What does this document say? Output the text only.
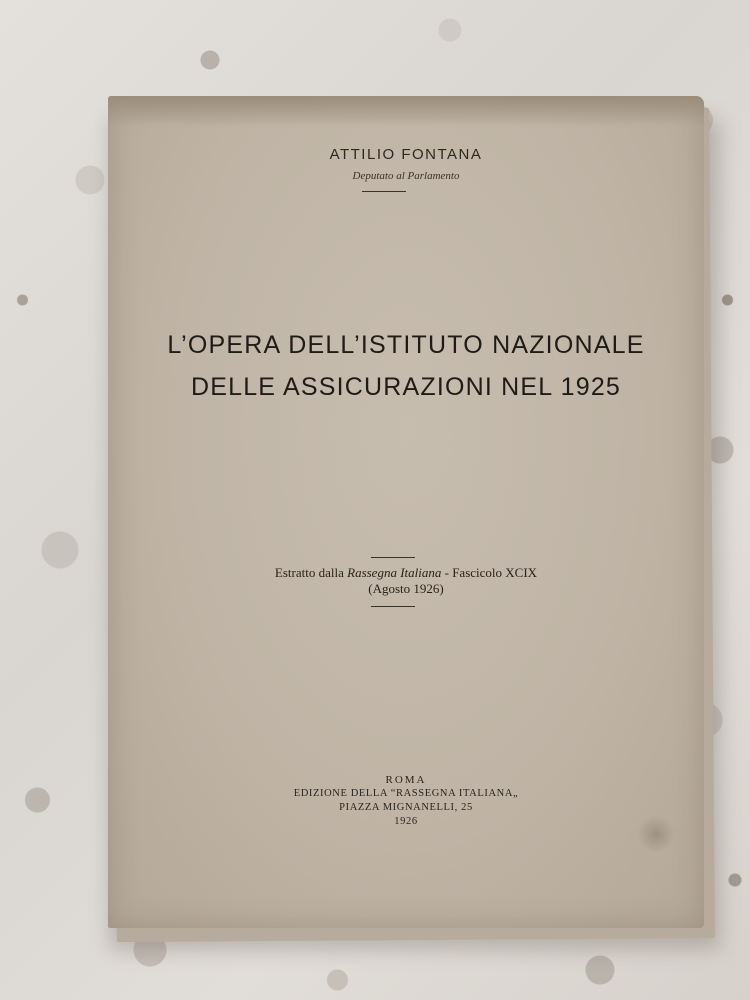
ATTILIO FONTANA
Deputato al Parlamento
L’OPERA DELL’ISTITUTO NAZIONALE
DELLE ASSICURAZIONI NEL 1925
Estratto dalla Rassegna Italiana - Fascicolo XCIX
(Agosto 1926)
ROMA
EDIZIONE DELLA “RASSEGNA ITALIANA„
PIAZZA MIGNANELLI, 25
1926
